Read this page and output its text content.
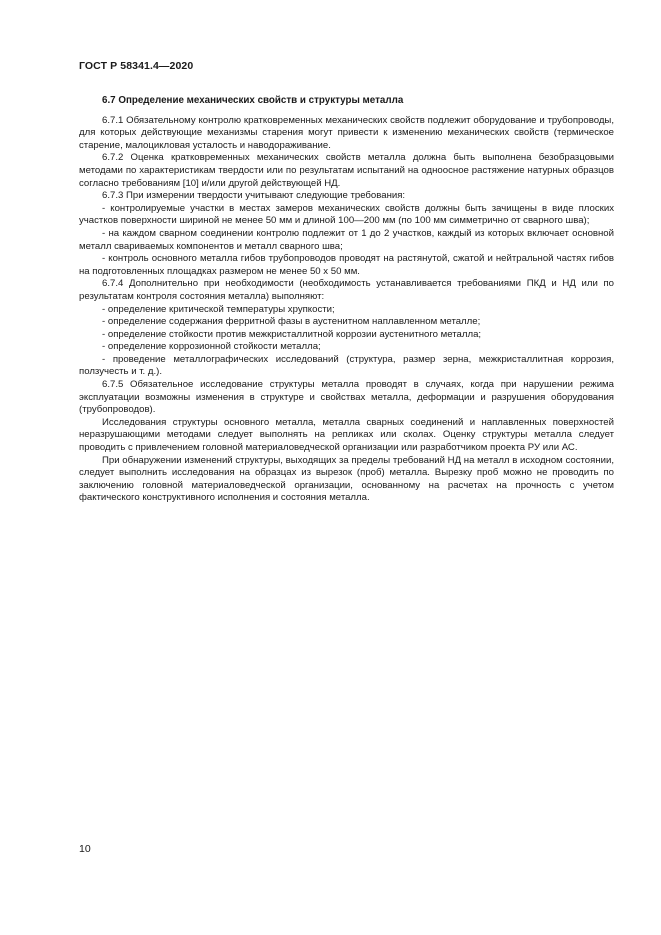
ГОСТ Р 58341.4—2020

6.7 Определение механических свойств и структуры металла

6.7.1 Обязательному контролю кратковременных механических свойств подлежит оборудование и трубопроводы, для которых действующие механизмы старения могут привести к изменению механических свойств (термическое старение, малоцикловая усталость и наводораживание.

6.7.2 Оценка кратковременных механических свойств металла должна быть выполнена безобразцовыми методами по характеристикам твердости или по результатам испытаний на одноосное растяжение натурных образцов согласно требованиям [10] и/или другой действующей НД.

6.7.3 При измерении твердости учитывают следующие требования:

- контролируемые участки в местах замеров механических свойств должны быть зачищены в виде плоских участков поверхности шириной не менее 50 мм и длиной 100—200 мм (по 100 мм симметрично от сварного шва);

- на каждом сварном соединении контролю подлежит от 1 до 2 участков, каждый из которых включает основной металл свариваемых компонентов и металл сварного шва;

- контроль основного металла гибов трубопроводов проводят на растянутой, сжатой и нейтральной частях гибов на подготовленных площадках размером не менее 50 х 50 мм.

6.7.4 Дополнительно при необходимости (необходимость устанавливается требованиями ПКД и НД или по результатам контроля состояния металла) выполняют:

- определение критической температуры хрупкости;

- определение содержания ферритной фазы в аустенитном наплавленном металле;

- определение стойкости против межкристаллитной коррозии аустенитного металла;

- определение коррозионной стойкости металла;

- проведение металлографических исследований (структура, размер зерна, межкристаллитная коррозия, ползучесть и т. д.).

6.7.5 Обязательное исследование структуры металла проводят в случаях, когда при нарушении режима эксплуатации возможны изменения в структуре и свойствах металла, деформации и разрушения оборудования (трубопроводов).

Исследования структуры основного металла, металла сварных соединений и наплавленных поверхностей неразрушающими методами следует выполнять на репликах или сколах. Оценку структуры металла следует проводить с привлечением головной материаловедческой организации или разработчиком проекта РУ или АС.

При обнаружении изменений структуры, выходящих за пределы требований НД на металл в исходном состоянии, следует выполнить исследования на образцах из вырезок (проб) металла. Вырезку проб можно не проводить по заключению головной материаловедческой организации, основанному на расчетах на прочность с учетом фактического конструктивного исполнения и состояния металла.

10
